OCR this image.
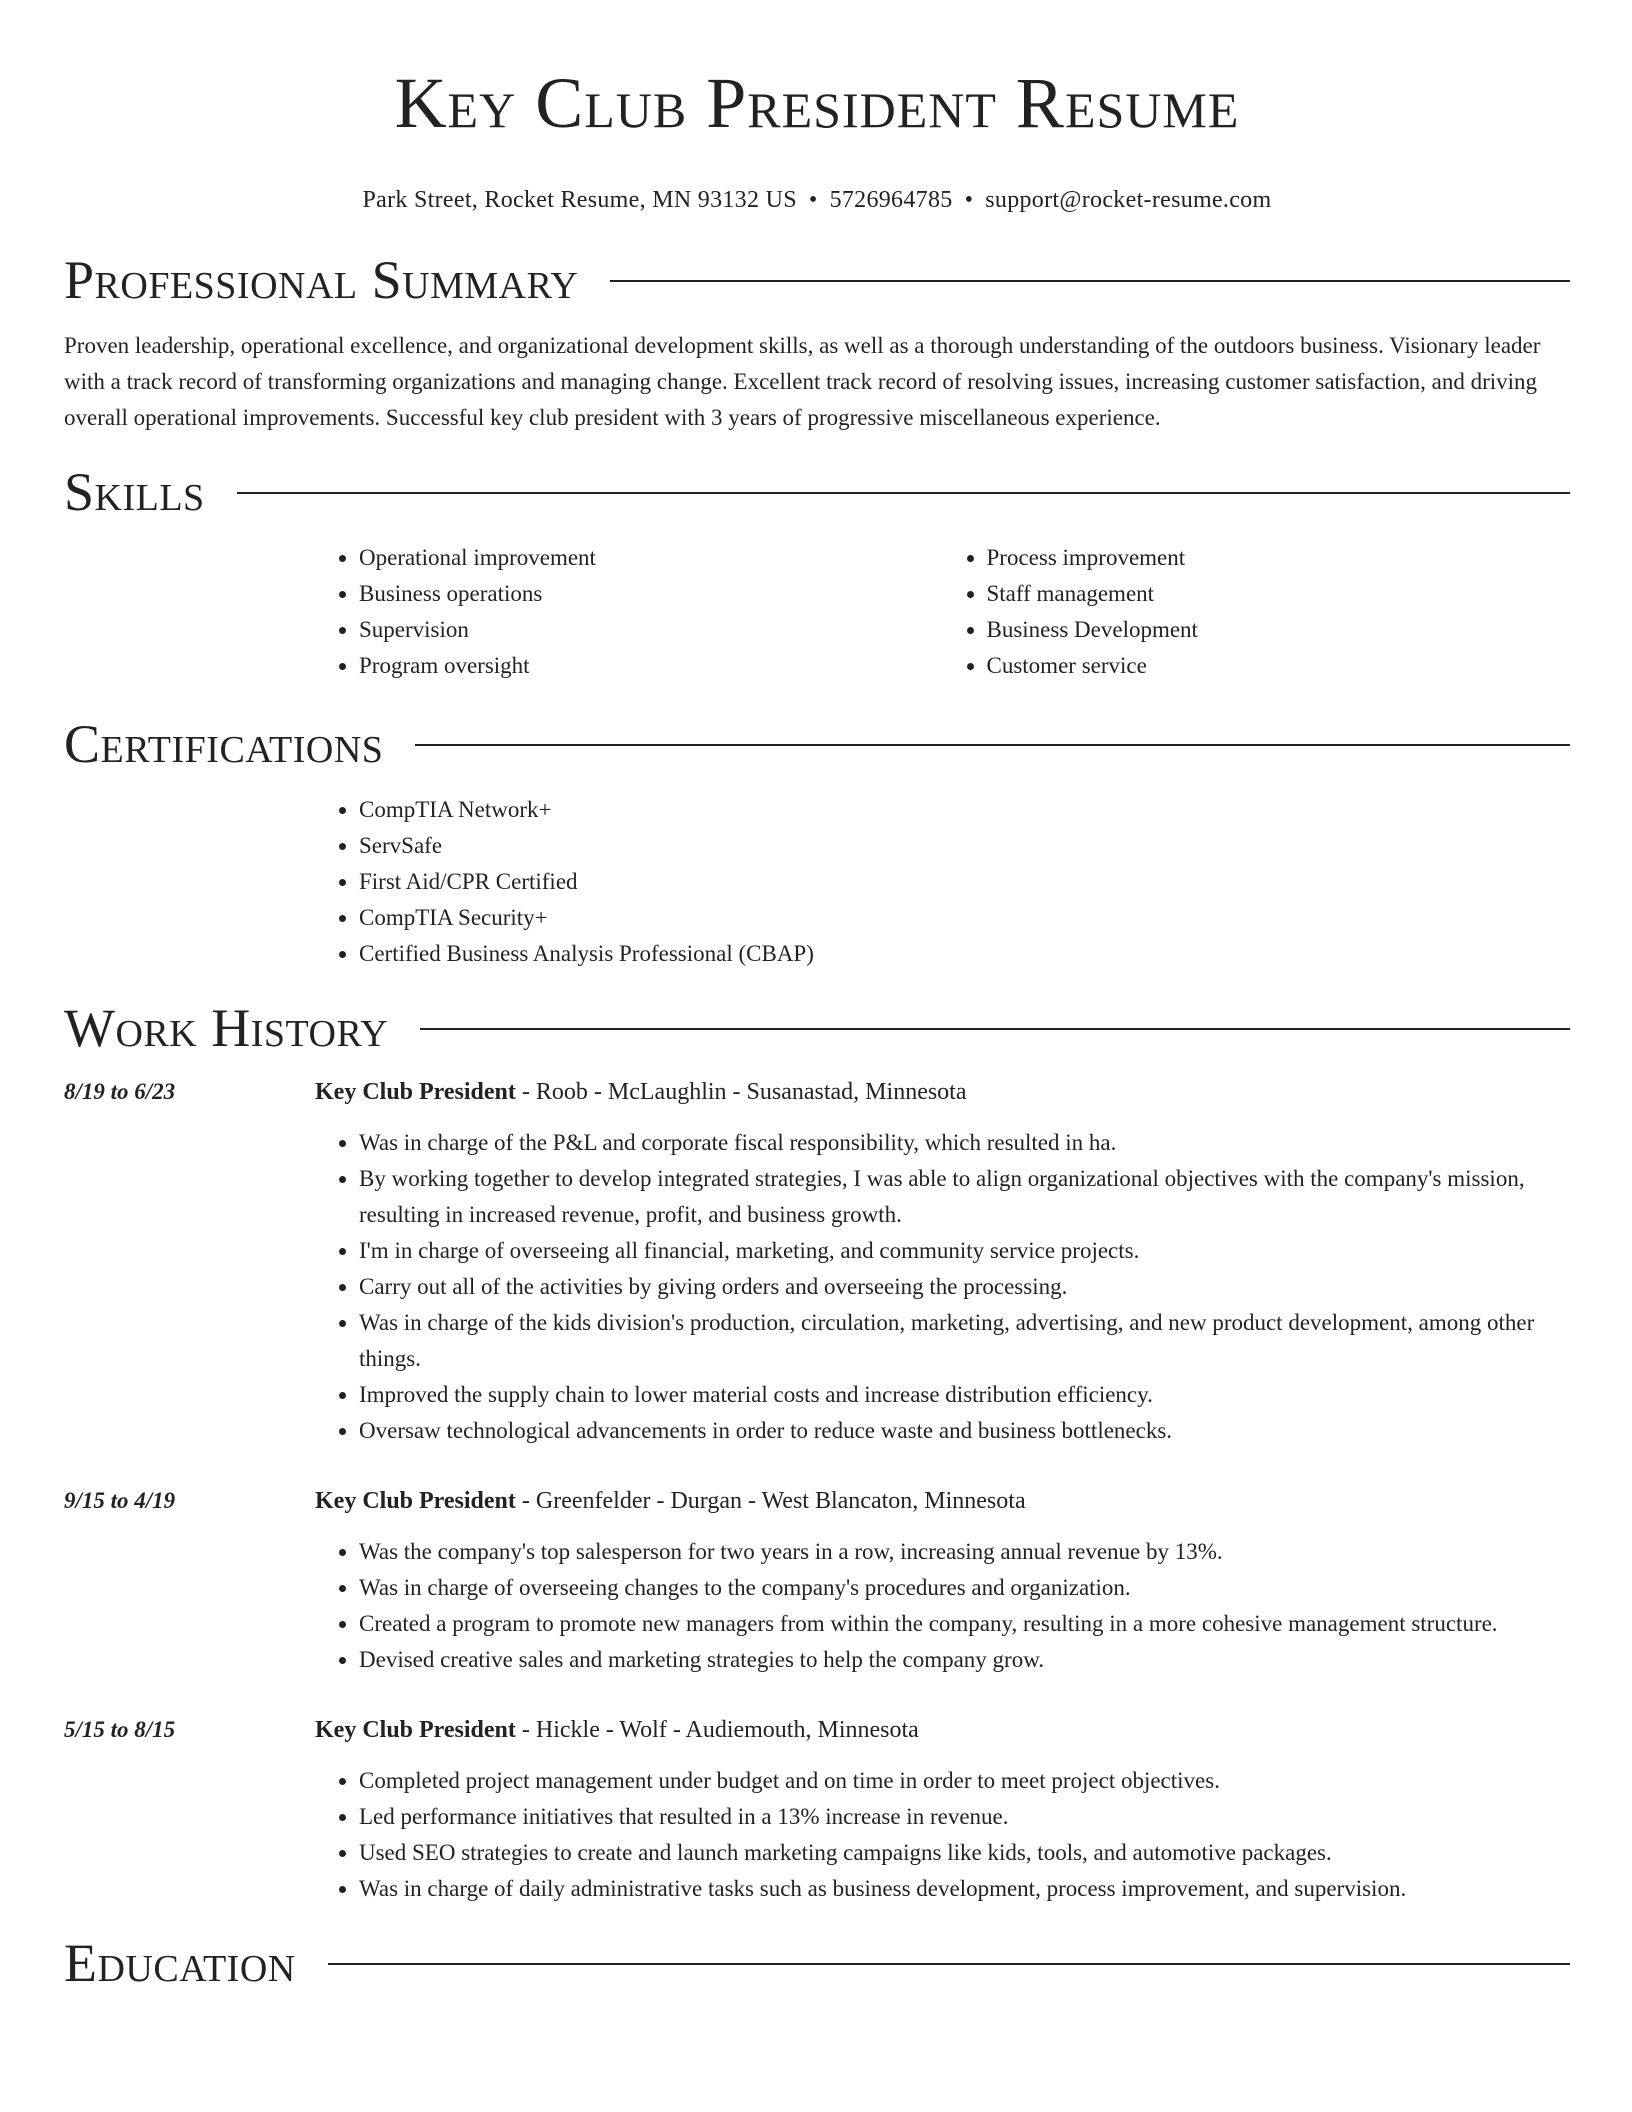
Key Club President Resume
Park Street, Rocket Resume, MN 93132 US • 5726964785 • support@rocket-resume.com
Professional Summary

Proven leadership, operational excellence, and organizational development skills, as well as a thorough understanding of the outdoors business. Visionary leader with a track record of transforming organizations and managing change. Excellent track record of resolving issues, increasing customer satisfaction, and driving overall operational improvements. Successful key club president with 3 years of progressive miscellaneous experience.

Skills
• Operational improvement
• Business operations
• Supervision
• Program oversight
• Process improvement
• Staff management
• Business Development
• Customer service
Certifications
• CompTIA Network+
• ServSafe
• First Aid/CPR Certified
• CompTIA Security+
• Certified Business Analysis Professional (CBAP)
Work History
8/19 to 6/23	Key Club President - Roob - McLaughlin - Susanastad, Minnesota
• Was in charge of the P&L and corporate fiscal responsibility, which resulted in ha.
• By working together to develop integrated strategies, I was able to align organizational objectives with the company's mission, resulting in increased revenue, profit, and business growth.
• I'm in charge of overseeing all financial, marketing, and community service projects.
• Carry out all of the activities by giving orders and overseeing the processing.
• Was in charge of the kids division's production, circulation, marketing, advertising, and new product development, among other things.
• Improved the supply chain to lower material costs and increase distribution efficiency.
• Oversaw technological advancements in order to reduce waste and business bottlenecks.
9/15 to 4/19	Key Club President - Greenfelder - Durgan - West Blancaton, Minnesota
• Was the company's top salesperson for two years in a row, increasing annual revenue by 13%.
• Was in charge of overseeing changes to the company's procedures and organization.
• Created a program to promote new managers from within the company, resulting in a more cohesive management structure.
• Devised creative sales and marketing strategies to help the company grow.
5/15 to 8/15	Key Club President - Hickle - Wolf - Audiemouth, Minnesota
• Completed project management under budget and on time in order to meet project objectives.
• Led performance initiatives that resulted in a 13% increase in revenue.
• Used SEO strategies to create and launch marketing campaigns like kids, tools, and automotive packages.
• Was in charge of daily administrative tasks such as business development, process improvement, and supervision.
Education
